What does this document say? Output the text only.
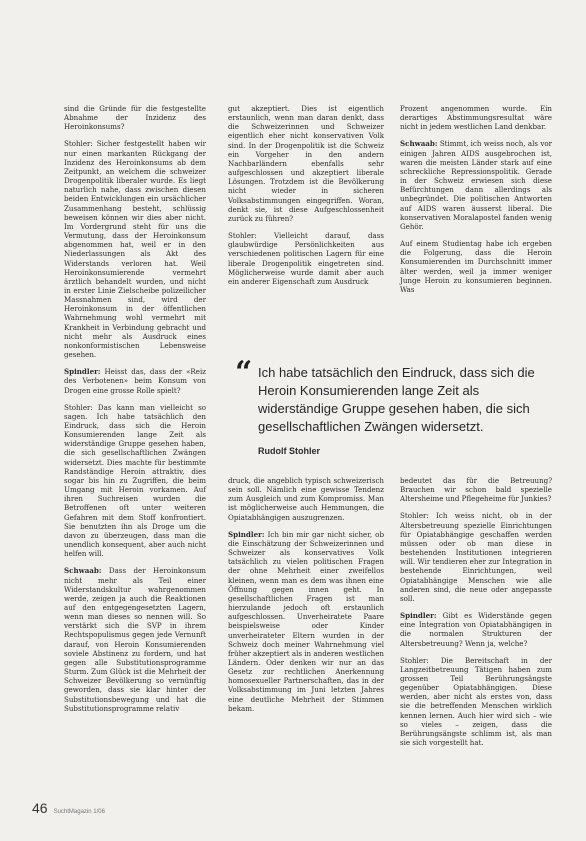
sind die Gründe für die festgestellte Abnahme der Inzidenz des Heroinkonsums?

Stohler: Sicher festgestellt haben wir nur einen markanten Rückgang der Inzidenz des Heroinkonsums ab dem Zeitpunkt, an welchem die schweizer Drogenpolitik liberaler wurde. Es liegt naturlich nahe, dass zwischen diesen beiden Entwicklungen ein ursächlicher Zusammenhang besteht, schlüssig beweisen können wir dies aber nicht. Im Vordergrund steht für uns die Vermutung, dass der Heroinkonsum abgenommen hat, weil er in den Niederlassungen als Akt des Widerstands verloren hat. Weil Heroinkonsumierende vermehrt ärztlich behandelt wurden, und nicht in erster Linie Zielscheibe polizeilicher Massnahmen sind, wird der Heroinkonsum in der öffentlichen Wahrnehmung wohl vermehrt mit Krankheit in Verbindung gebracht und nicht mehr als Ausdruck eines nonkonformistischen Lebensweise gesehen.

Spindler: Heisst das, dass der «Reiz des Verbotenen» beim Konsum von Drogen eine grosse Rolle spielt?

Stohler: Das kann man vielleicht so sagen. Ich habe tatsächlich den Eindruck, dass sich die Heroin Konsumierenden lange Zeit als widerständige Gruppe gesehen haben, die sich gesellschaftlichen Zwängen widersetzt. Dies machte für bestimmte Randständige Heroin attraktiv, dies sogar bis hin zu Zugriffen, die beim Umgang mit Heroin vorkamen. Auf ihren Suchreisen wurden die Betroffenen oft unter weiteren Gefahren mit dem Stoff konfrontiert. Sie benutzten ihn als Droge um die davon zu überzeugen, dass man die unendlich konsequent, aber auch nicht helfen will.

Schwaab: Dass der Heroinkonsum nicht mehr als Teil einer Widerstandskultur wahrgenommen werde, zeigen ja auch die Reaktionen auf den entgegengesetzten Lagern, wenn man dieses so nennen will. So verstärkt sich die SVP in ihrem Rechtspopulismus gegen jede Vernunft darauf, von Heroin Konsumierenden soviele Abstinenz zu fordern, und hat gegen alle Substitutionsprogramme Sturm. Zum Glück ist die Mehrheit der Schweizer Bevölkerung so vernünftig geworden, dass sie klar hinter der Substitutionsbewegung und hat die Substitutionsprogramme relativ

gut akzeptiert. Dies ist eigentlich erstaunlich, wenn man daran denkt, dass die Schweizerinnen und Schweizer eigentlich eher nicht konservativen Volk sind. In der Drogenpolitik ist die Schweiz ein Vorgeher in den andern Nachbarländern ebenfalls sehr aufgeschlossen und akzeptiert liberale Lösungen. Trotzdem ist die Bevölkerung nicht wieder in sicheren Volksabstimmungen eingegriffen. Woran, denkt sie, ist diese Aufgeschlossenheit zurück zu führen?

Stohler: Vielleicht darauf, dass glaubwürdige Persönlichkeiten aus verschiedenen politischen Lagern für eine liberale Drogenpolitik eingetreten sind. Möglicherweise wurde damit aber auch ein anderer Eigenschaft zum Ausdruck

Prozent angenommen wurde. Ein derartiges Abstimmungsresultat wäre nicht in jedem westlichen Land denkbar.

Schwaab: Stimmt, ich weiss noch, als vor einigen Jahren AIDS ausgebrochen ist, waren die meisten Länder stark auf eine schreckliche Repressionspolitik. Gerade in der Schweiz erwiesen sich diese Befürchtungen dann allerdings als unbegründet. Die politischen Antworten auf AIDS waren äusserst liberal. Die konservativen Moralapostel fanden wenig Gehör.

Auf einem Studientag habe ich ergeben die Folgerung, dass die Heroin Konsumierenden im Durchschnitt immer älter werden, weil ja immer weniger Junge Heroin zu konsumieren beginnen. Was

“ Ich habe tatsächlich den Eindruck, dass sich die Heroin Konsumierenden lange Zeit als widerständige Gruppe gesehen haben, die sich gesellschaftlichen Zwängen widersetzt.
Rudolf Stohler

druck, die angeblich typisch schweizerisch sein soll. Nämlich eine gewisse Tendenz zum Ausgleich und zum Kompromiss. Man ist möglicherweise auch Hemmungen, die Opiatabhängigen auszugrenzen.

Spindler: Ich bin mir gar nicht sicher, ob die Einschätzung der Schweizerinnen und Schweizer als konservatives Volk tatsächlich zu vielen politischen Fragen der ohne Mehrheit einer zweifellos kleinen, wenn man es dem was ihnen eine Öffnung gegen innen geht. In gesellschaftlichen Fragen ist man hierzulande jedoch oft erstaunlich aufgeschlossen. Unverheiratete Paare beispielsweise oder Kinder unverheirateter Eltern wurden in der Schweiz doch meiner Wahrnehmung viel früher akzeptiert als in anderen westlichen Ländern. Oder denken wir nur an das Gesetz zur rechtlichen Anerkennung homosexueller Partnerschaften, das in der Volksabstimmung im Juni letzten Jahres eine deutliche Mehrheit der Stimmen bekam.

bedeutet das für die Betreuung? Brauchen wir schon bald spezielle Altersheime und Pflegeheime für Junkies?

Stohler: Ich weiss nicht, ob in der Altersbetreuung spezielle Einrichtungen für Opiatabhängige geschaffen werden müssen oder ob man diese in bestehenden Institutionen integrieren will. Wir tendieren eher zur Integration in bestehende Einrichtungen, weil Opiatabhängige Menschen wie alle anderen sind, die neue oder angepasste soll.

Spindler: Gibt es Widerstände gegen eine Integration von Opiatabhängigen in die normalen Strukturen der Altersbetreuung? Wenn ja, welche?

Stohler: Die Bereitschaft in der Langzeitbetreuung Tätigen haben zum grossen Teil Berührungsängste gegenüber Opiatabhängigen. Diese werden, aber nicht als erstes von, dass sie die betreffenden Menschen wirklich kennen lernen. Auch hier wird sich – wie so vieles – zeigen, dass die Berührungsängste schlimm ist, als man sie sich vorgestellt hat.

46 SuchtMagazin 1/06
